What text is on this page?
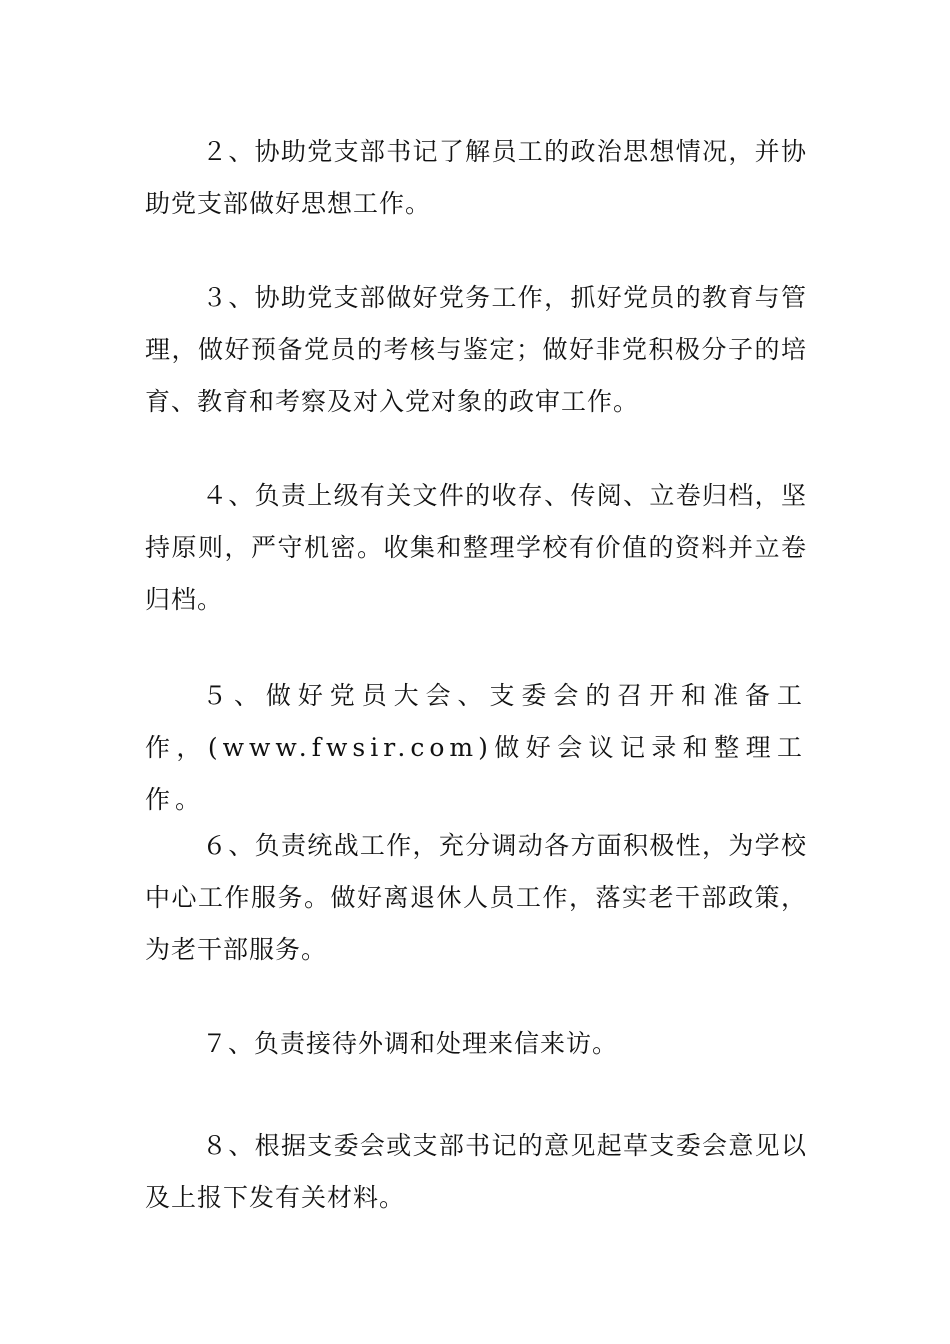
２、协助党支部书记了解员工的政治思想情况，并协助党支部做好思想工作。

３、协助党支部做好党务工作，抓好党员的教育与管理，做好预备党员的考核与鉴定；做好非党积极分子的培育、教育和考察及对入党对象的政审工作。

４、负责上级有关文件的收存、传阅、立卷归档，坚持原则，严守机密。收集和整理学校有价值的资料并立卷归档。

５、做好党员大会、支委会的召开和准备工作，(www.fwsir.com)做好会议记录和整理工作。

６、负责统战工作，充分调动各方面积极性，为学校中心工作服务。做好离退休人员工作，落实老干部政策，为老干部服务。

７、负责接待外调和处理来信来访。

８、根据支委会或支部书记的意见起草支委会意见以及上报下发有关材料。
